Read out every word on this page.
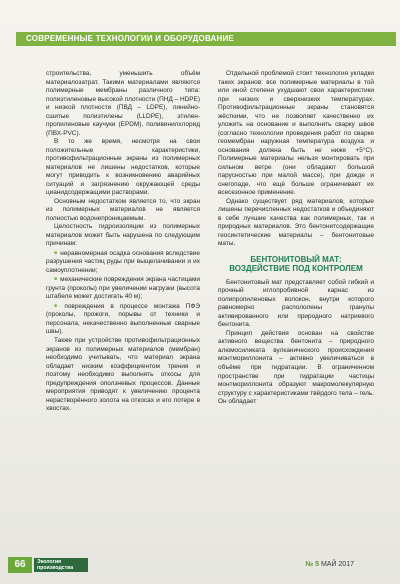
СОВРЕМЕННЫЕ ТЕХНОЛОГИИ И ОБОРУДОВАНИЕ

строительства, уменьшить объём материалозатрат. Такими материалами являются полимерные мембраны различного типа: полиэтиленовые высокой плотности (ПНД – HDPE) и низкой плотности (ПВД – LDPE), линейно-сшитые полиэтилены (LLDPE), этилен-пропиленовые каучуки (EPDM), поливинилхлорид (ПВХ-PVC).

В то же время, несмотря на свои положительные характеристики, противофильтрационные экраны из полимерных материалов не лишены недостатков, которые могут приводить к возникновению аварийных ситуаций и загрязнению окружающей среды цианидсодержащими растворами.

Основным недостатком является то, что экран из полимерных материалов не является полностью водонепроницаемым.

Целостность гидроизоляции из полимерных материалов может быть нарушена по следующим причинам:

■ неравномерная осадка основания вследствие разрушения частиц руды при выщелачивании и их самоуплотнении;

■ механические повреждения экрана частицами грунта (проколы) при увеличении нагрузки (высота штабеля может достигать 40 м);

■ повреждения в процессе монтажа ПФЭ (проколы, прожоги, порывы от техники и персонала, некачественно выполненные сварные швы).

Также при устройстве противофильтрационных экранов из полимерных материалов (мембран) необходимо учитывать, что материал экрана обладает низким коэффициентом трения и поэтому необходимо выполнять откосы для предупреждения оползневых процессов. Данные мероприятия приводят к увеличению процента нерастворённого золота на откосах и его потере в хвостах.

Отдельной проблемой стоит технология укладки таких экранов: все полимерные материалы в той или иной степени ухудшают свои характеристики при низких и сверхнизких температурах. Противофильтрационные экраны становятся жёсткими, что не позволяет качественно их уложить на основание и выполнить сварку швов (согласно технологии проведения работ по сварке геомембран наружная температура воздуха и основания должна быть не ниже +5°С). Полимерные материалы нельзя монтировать при сильном ветре (они обладают большой парусностью при малой массе), при дожде и снегопаде, что ещё больше ограничивает их всесезонное применение.

Однако существует ряд материалов, которые лишены перечисленных недостатков и объединяют в себе лучшие качества как полимерных, так и природных материалов. Это бентонитсодержащие геосинтетические материалы – бентонитовые маты.

БЕНТОНИТОВЫЙ МАТ:
ВОЗДЕЙСТВИЕ ПОД КОНТРОЛЕМ

Бентонитовый мат представляет собой гибкий и прочный иглопробивной карнас из полипропиленовых волокон, внутри которого равномерно распололены гранулы активированного или природного натриевого бентонита.

Принцип действия основан на свойстве активного вещества бентонита – природного алюмосиликата вулканического происхождения монтмориллонита – активно увеличиваться в объёме при гидратации. В ограниченном пространстве при гидратации частицы монтмориллонита образуют макромолекулярную структуру с характеристиками твёрдого тела – гель. Он обладает

66	Экология
производства	№ 5 МАЙ 2017
